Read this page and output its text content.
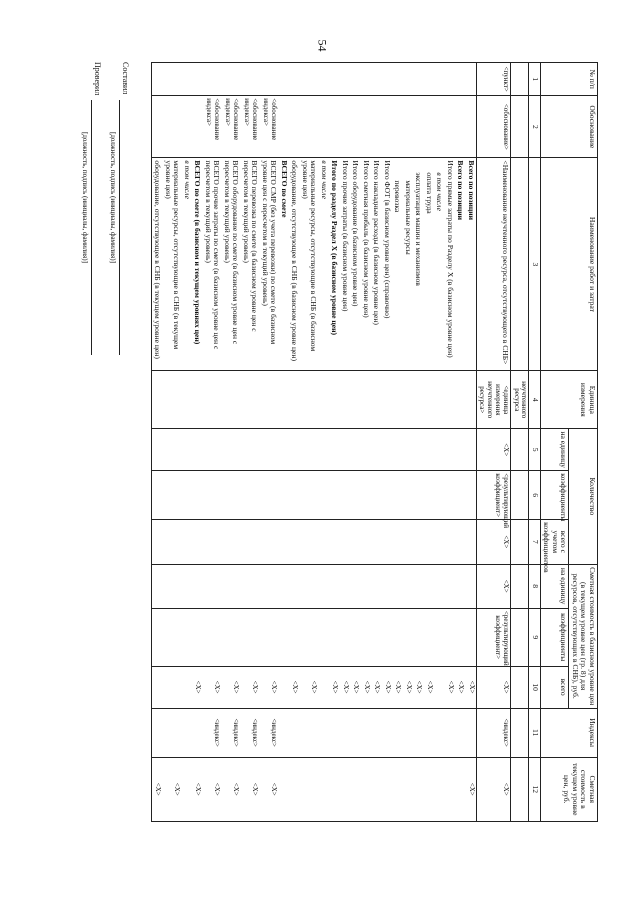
54
№ п/п	Обоснование	Наименование работ и затрат	Единица измерения	Количество			Сметная стоимость в базисном уровне цен (в текущем уровне цен (гр. 8) для ресурсов, отсутствующих в СНБ), руб.			Индексы	Сметная стоимость в текущем уровне цен, руб.
				на единицу	коэффициенты	всего с учетом коэффициентов	на единицу	коэффициенты	всего		
1	2	3	4	5	6	7	8	9	10	11	12
			неучтенного ресурса								
<пункт>	<обоснование>	<Наименование неучтенного ресурса, отсутствующего в СНБ>	<единица измерения неучтенного ресурса>	<X>	<результирующий коэффициент>	<X>	<X>	<результирующий коэффициент>	<X>	<индекс>	<X>
		Всего по позиции							<X>		<X>
		Всего по позиции							<X>		
		Итого прямые затраты по Разделу X (в базисном уровне цен)							<X>		
		в том числе									
		оплата труда							<X>		
		эксплуатация машин и механизмов							<X>		
		материальные ресурсы							<X>		
		перевозка							<X>		
		Итого ФОТ (в базисном уровне цен) (справочно)							<X>		
		Итого накладные расходы (в базисном уровне цен)							<X>		
		Итого сметная прибыль (в базисном уровне цен)							<X>		
		Итого оборудование (в базисном уровне цен)							<X>		
		Итого прочие затраты (в базисном уровне цен)							<X>		
		Итого по разделу Раздел X (в базисном уровне цен)							<X>		
		в том числе									
		материальные ресурсы, отсутствующие в СНБ (в базисном уровне цен)							<X>		
		оборудование, отсутствующее в СНБ (в базисном уровне цен)							<X>		
		ВСЕГО по смете									
	<обоснование индекса>	ВСЕГО СМР (без учета перевозки) по смете (в базисном уровне цен с пересчетом в текущий уровень)							<X>	<индекс>	<X>
	<обоснование индекса>	ВСЕГО перевозка по смете (в базисном уровне цен с пересчетом в текущий уровень)							<X>	<индекс>	<X>
	<обоснование индекса>	ВСЕГО оборудование по смете (в базисном уровне цен с пересчетом в текущий уровень)							<X>	<индекс>	<X>
	<обоснование индекса>	ВСЕГО прочие затраты по смете (в базисном уровне цен с пересчетом в текущий уровень)							<X>	<индекс>	<X>
		ВСЕГО по смете (в базисном и текущем уровнях цен)							<X>		<X>
		в том числе									
		материальные ресурсы, отсутствующие в СНБ (в текущем уровне цен)									<X>
		оборудование, отсутствующее в СНБ (в текущем уровне цен)									<X>
Составил
[должность, подпись (инициалы, фамилия)]
Проверил
[должность, подпись (инициалы, фамилия)]
